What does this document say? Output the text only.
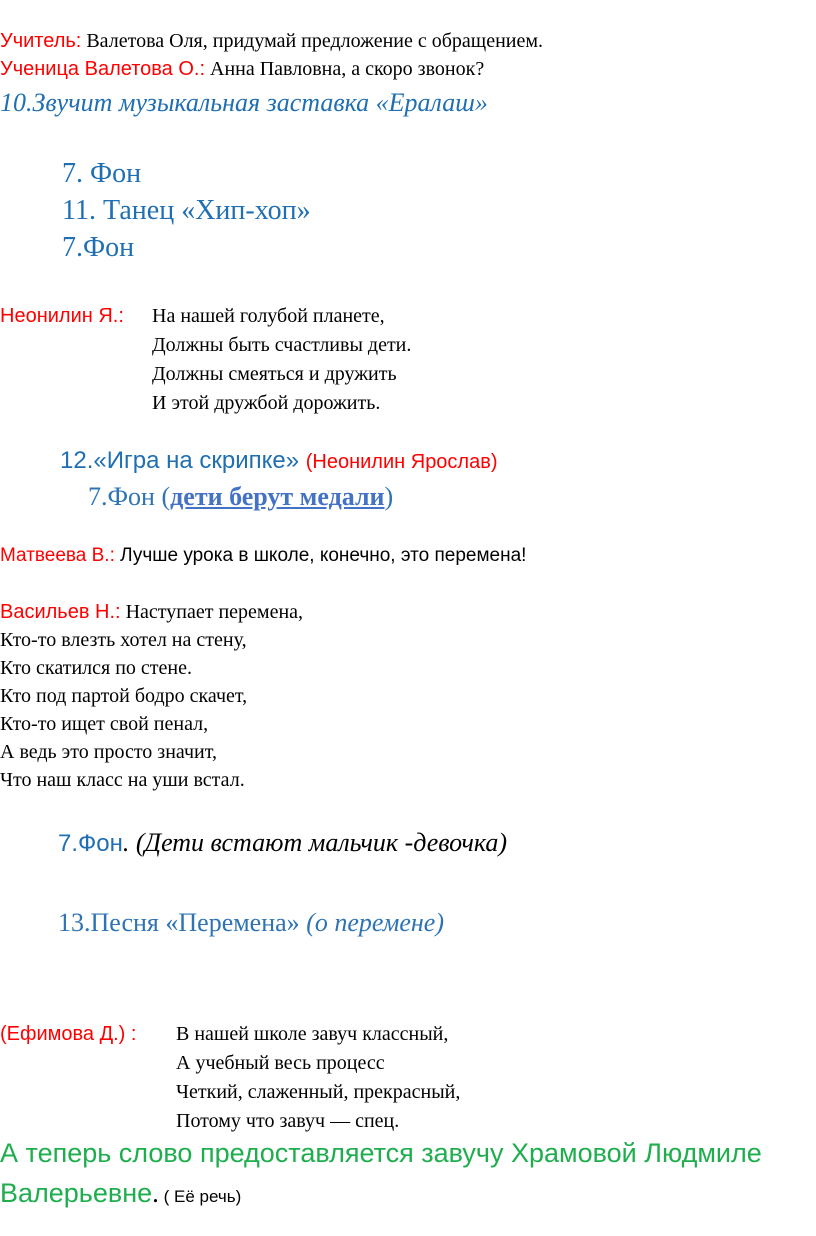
Учитель: Валетова Оля, придумай предложение с обращением.
Ученица Валетова О.: Анна Павловна, а скоро звонок?
10.Звучит музыкальная заставка «Ералаш»
7. Фон
11. Танец «Хип-хоп»
7.Фон
Неонилин Я.: На нашей голубой планете,
Должны быть счастливы дети.
Должны смеяться и дружить
И этой дружбой дорожить.
12.«Игра на скрипке» (Неонилин Ярослав)
7.Фон (дети берут медали)
Матвеева В.: Лучше урока в школе, конечно, это перемена!
Васильев Н.: Наступает перемена,
Кто-то влезть хотел на стену,
Кто скатился по стене.
Кто под партой бодро скачет,
Кто-то ищет свой пенал,
А ведь это просто значит,
Что наш класс на уши встал.
7.Фон. (Дети встают мальчик -девочка)
13.Песня «Перемена» (о перемене)
(Ефимова Д.) : В нашей школе завуч классный,
А учебный весь процесс
Четкий, слаженный, прекрасный,
Потому что завуч — спец.
А теперь слово предоставляется завучу Храмовой Людмиле
Валерьевне. ( Её речь)
